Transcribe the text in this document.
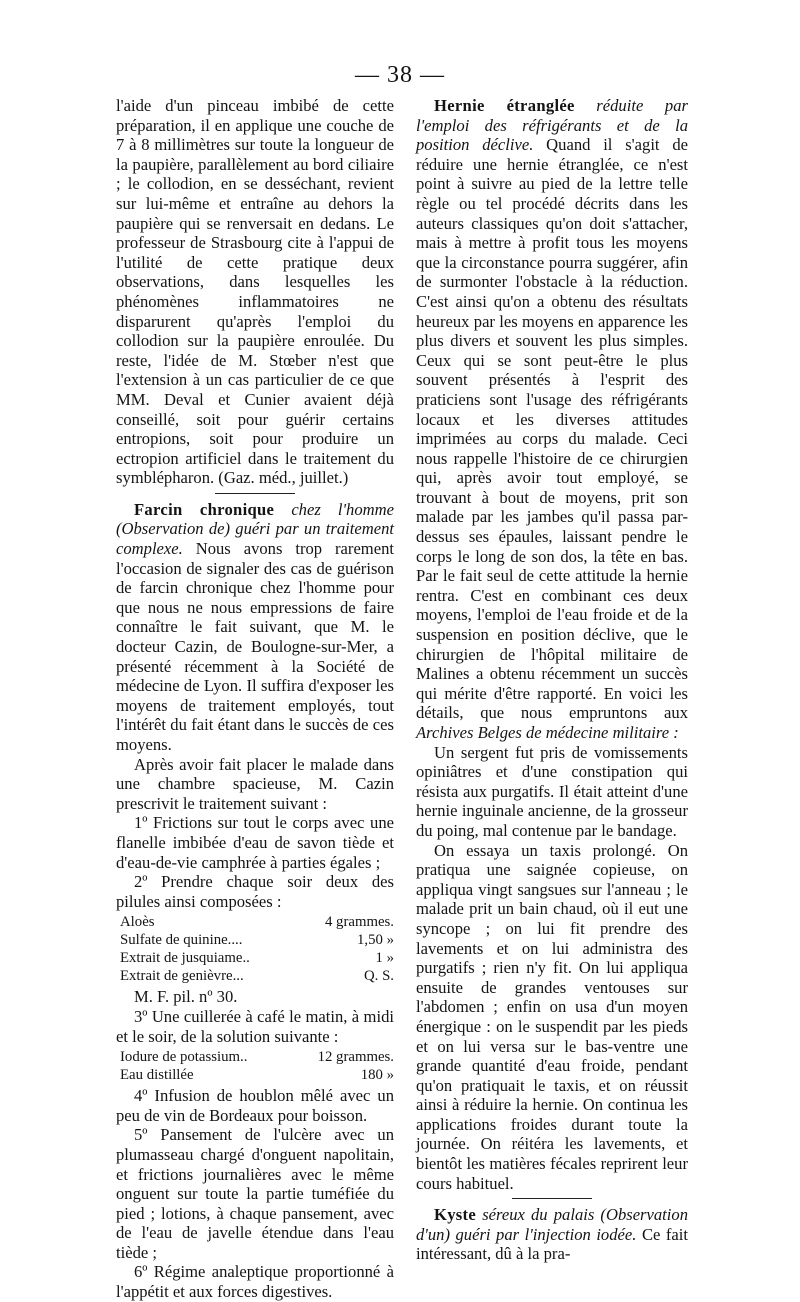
— 38 —

l'aide d'un pinceau imbibé de cette préparation, il en applique une couche de 7 à 8 millimètres sur toute la longueur de la paupière, parallèlement au bord ciliaire ; le collodion, en se desséchant, revient sur lui-même et entraîne au dehors la paupière qui se renversait en dedans. Le professeur de Strasbourg cite à l'appui de l'utilité de cette pratique deux observations, dans lesquelles les phénomènes inflammatoires ne disparurent qu'après l'emploi du collodion sur la paupière enroulée. Du reste, l'idée de M. Stœber n'est que l'extension à un cas particulier de ce que MM. Deval et Cunier avaient déjà conseillé, soit pour guérir certains entropions, soit pour produire un ectropion artificiel dans le traitement du symblépharon. (Gaz. méd., juillet.)

Farcin chronique chez l'homme (Observation de) guéri par un traitement complexe. Nous avons trop rarement l'occasion de signaler des cas de guérison de farcin chronique chez l'homme pour que nous ne nous empressions de faire connaître le fait suivant, que M. le docteur Cazin, de Boulogne-sur-Mer, a présenté récemment à la Société de médecine de Lyon. Il suffira d'exposer les moyens de traitement employés, tout l'intérêt du fait étant dans le succès de ces moyens.

Après avoir fait placer le malade dans une chambre spacieuse, M. Cazin prescrivit le traitement suivant :

1º Frictions sur tout le corps avec une flanelle imbibée d'eau de savon tiède et d'eau-de-vie camphrée à parties égales ;

2º Prendre chaque soir deux des pilules ainsi composées :

Aloès	4 grammes.
Sulfate de quinine....	1,50 »
Extrait de jusquiame..	1 »
Extrait de genièvre...	Q. S.

M. F. pil. nº 30.

3º Une cuillerée à café le matin, à midi et le soir, de la solution suivante :

Iodure de potassium..	12 grammes.
Eau distillée	180 »

4º Infusion de houblon mêlé avec un peu de vin de Bordeaux pour boisson.

5º Pansement de l'ulcère avec un plumasseau chargé d'onguent napolitain, et frictions journalières avec le même onguent sur toute la partie tuméfiée du pied ; lotions, à chaque pansement, avec de l'eau de javelle étendue dans l'eau tiède ;

6º Régime analeptique proportionné à l'appétit et aux forces digestives.

Hernie étranglée réduite par l'emploi des réfrigérants et de la position déclive. Quand il s'agit de réduire une hernie étranglée, ce n'est point à suivre au pied de la lettre telle règle ou tel procédé décrits dans les auteurs classiques qu'on doit s'attacher, mais à mettre à profit tous les moyens que la circonstance pourra suggérer, afin de surmonter l'obstacle à la réduction. C'est ainsi qu'on a obtenu des résultats heureux par les moyens en apparence les plus divers et souvent les plus simples. Ceux qui se sont peut-être le plus souvent présentés à l'esprit des praticiens sont l'usage des réfrigérants locaux et les diverses attitudes imprimées au corps du malade. Ceci nous rappelle l'histoire de ce chirurgien qui, après avoir tout employé, se trouvant à bout de moyens, prit son malade par les jambes qu'il passa par-dessus ses épaules, laissant pendre le corps le long de son dos, la tête en bas. Par le fait seul de cette attitude la hernie rentra. C'est en combinant ces deux moyens, l'emploi de l'eau froide et de la suspension en position déclive, que le chirurgien de l'hôpital militaire de Malines a obtenu récemment un succès qui mérite d'être rapporté. En voici les détails, que nous empruntons aux Archives Belges de médecine militaire :

Un sergent fut pris de vomissements opiniâtres et d'une constipation qui résista aux purgatifs. Il était atteint d'une hernie inguinale ancienne, de la grosseur du poing, mal contenue par le bandage.

On essaya un taxis prolongé. On pratiqua une saignée copieuse, on appliqua vingt sangsues sur l'anneau ; le malade prit un bain chaud, où il eut une syncope ; on lui fit prendre des lavements et on lui administra des purgatifs ; rien n'y fit. On lui appliqua ensuite de grandes ventouses sur l'abdomen ; enfin on usa d'un moyen énergique : on le suspendit par les pieds et on lui versa sur le bas-ventre une grande quantité d'eau froide, pendant qu'on pratiquait le taxis, et on réussit ainsi à réduire la hernie. On continua les applications froides durant toute la journée. On réitéra les lavements, et bientôt les matières fécales reprirent leur cours habituel.

Kyste séreux du palais (Observation d'un) guéri par l'injection iodée. Ce fait intéressant, dû à la pra-
